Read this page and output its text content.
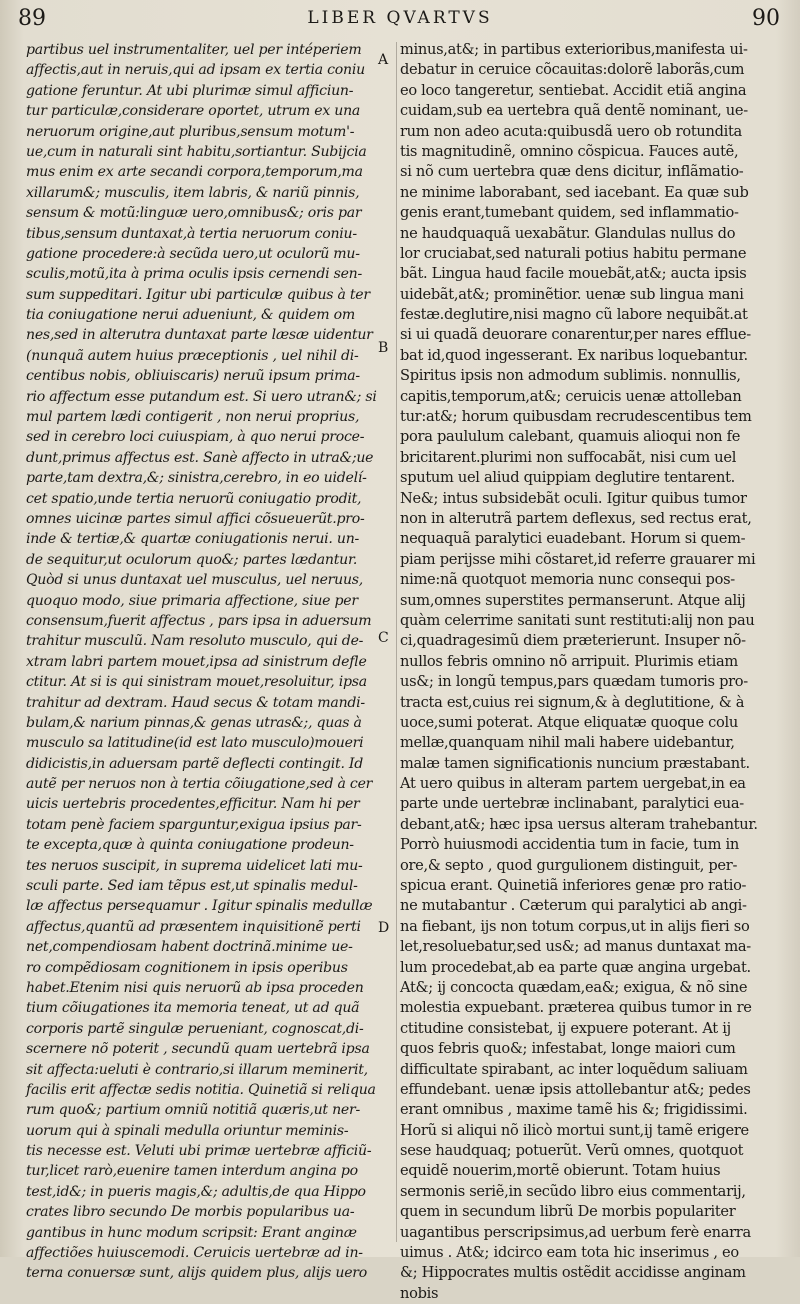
89	LIBER QVARTVS	90
partibus uel instrumentaliter, uel per intéperiem
affectis,aut in neruis,qui ad ipsam ex tertia coniu
gatione feruntur. At ubi plurimæ simul afficiun-
tur particulæ,considerare oportet, utrum ex una
neruorum origine,aut pluribus,sensum motum'-
ue,cum in naturali sint habitu,sortiantur. Subijcia
mus enim ex arte secandi corpora,temporum,ma
xillarum&; musculis, item labris, & nariũ pinnis,
sensum & motũ:linguæ uero,omnibus&; oris par
tibus,sensum duntaxat,à tertia neruorum coniu-
gatione procedere:à secũda uero,ut oculorũ mu-
sculis,motũ,ita à prima oculis ipsis cernendi sen-
sum suppeditari. Igitur ubi particulæ quibus à ter
tia coniugatione nerui adueniunt, & quidem om
nes,sed in alterutra duntaxat parte læsæ uidentur
(nunquã autem huius præceptionis , uel nihil di-
centibus nobis, obliuiscaris) neruũ ipsum prima-
rio affectum esse putandum est. Si uero utran&; si
mul partem lædi contigerit , non nerui proprius,
sed in cerebro loci cuiuspiam, à quo nerui proce-
dunt,primus affectus est. Sanè affecto in utra&;ue
parte,tam dextra,&; sinistra,cerebro, in eo uidelí-
cet spatio,unde tertia neruorũ coniugatio prodit,
omnes uicinæ partes simul affici cõsueuerũt.pro-
inde & tertiæ,& quartæ coniugationis nerui. un-
de sequitur,ut oculorum quo&; partes lædantur.
Quòd si unus duntaxat uel musculus, uel neruus,
quoquo modo, siue primaria affectione, siue per
consensum,fuerit affectus , pars ipsa in aduersum
trahitur musculũ. Nam resoluto musculo, qui de-
xtram labri partem mouet,ipsa ad sinistrum defle
ctitur. At si is qui sinistram mouet,resoluitur, ipsa
trahitur ad dextram. Haud secus & totam mandi-
bulam,& narium pinnas,& genas utras&;, quas à
musculo sa latitudine(id est lato musculo)moueri
didicistis,in aduersam partẽ deflecti contingit. Id
autẽ per neruos non à tertia cõiugatione,sed à cer
uicis uertebris procedentes,efficitur. Nam hi per
totam penè faciem sparguntur,exigua ipsius par-
te excepta,quæ à quinta coniugatione prodeun-
tes neruos suscipit, in suprema uidelicet lati mu-
sculi parte. Sed iam tẽpus est,ut spinalis medul-
læ affectus persequamur . Igitur spinalis medullæ
affectus,quantũ ad præsentem inquisitionẽ perti
net,compendiosam habent doctrinã.minime ue-
ro compẽdiosam cognitionem in ipsis operibus
habet.Etenim nisi quis neruorũ ab ipsa proceden
tium cõiugationes ita memoria teneat, ut ad quã
corporis partẽ singulæ perueniant, cognoscat,di-
scernere nõ poterit , secundũ quam uertebrã ipsa
sit affecta:ueluti è contrario,si illarum meminerit,
facilis erit affectæ sedis notitia. Quinetiã si reliqua
rum quo&; partium omniũ notitiã quæris,ut ner-
uorum qui à spinali medulla oriuntur meminis-
tis necesse est. Veluti ubi primæ uertebræ afficiũ-
tur,licet rarò,euenire tamen interdum angina po
test,id&; in pueris magis,&; adultis,de qua Hippo
crates libro secundo De morbis popularibus ua-
gantibus in hunc modum scripsit: Erant anginæ
affectiões huiuscemodi. Ceruicis uertebræ ad in-
terna conuersæ sunt, alijs quidem plus, alijs uero
A
B
C
D
minus,at&; in partibus exterioribus,manifesta ui-
debatur in ceruice cõcauitas:dolorẽ laborãs,cum
eo loco tangeretur, sentiebat. Accidit etiã angina
cuidam,sub ea uertebra quã dentẽ nominant, ue-
rum non adeo acuta:quibusdã uero ob rotundita
tis magnitudinẽ, omnino cõspicua. Fauces autẽ,
si nõ cum uertebra quæ dens dicitur, inflãmatio-
ne minime laborabant, sed iacebant. Ea quæ sub
genis erant,tumebant quidem, sed inflammatio-
ne haudquaquã uexabãtur. Glandulas nullus do
lor cruciabat,sed naturali potius habitu permane
bãt. Lingua haud facile mouebãt,at&; aucta ipsis
uidebãt,at&; prominẽtior. uenæ sub lingua mani
festæ.deglutire,nisi magno cũ labore nequibãt.at
si ui quadã deuorare conarentur,per nares efflue-
bat id,quod ingesserant. Ex naribus loquebantur.
Spiritus ipsis non admodum sublimis. nonnullis,
capitis,temporum,at&; ceruicis uenæ attolleban
tur:at&; horum quibusdam recrudescentibus tem
pora paululum calebant, quamuis alioqui non fe
bricitarent.plurimi non suffocabãt, nisi cum uel
sputum uel aliud quippiam deglutire tentarent.
Ne&; intus subsidebãt oculi. Igitur quibus tumor
non in alterutrã partem deflexus, sed rectus erat,
nequaquã paralytici euadebant. Horum si quem-
piam perijsse mihi cõstaret,id referre grauarer mi
nime:nã quotquot memoria nunc consequi pos-
sum,omnes superstites permanserunt. Atque alij
quàm celerrime sanitati sunt restituti:alij non pau
ci,quadragesimũ diem præterierunt. Insuper nõ-
nullos febris omnino nõ arripuit. Plurimis etiam
us&; in longũ tempus,pars quædam tumoris pro-
tracta est,cuius rei signum,& à deglutitione, & à
uoce,sumi poterat. Atque eliquatæ quoque colu
mellæ,quanquam nihil mali habere uidebantur,
malæ tamen significationis nuncium præstabant.
At uero quibus in alteram partem uergebat,in ea
parte unde uertebræ inclinabant, paralytici eua-
debant,at&; hæc ipsa uersus alteram trahebantur.
Porrò huiusmodi accidentia tum in facie, tum in
ore,& septo , quod gurgulionem distinguit, per-
spicua erant. Quinetiã inferiores genæ pro ratio-
ne mutabantur . Cæterum qui paralytici ab angi-
na fiebant, ijs non totum corpus,ut in alijs fieri so
let,resoluebatur,sed us&; ad manus duntaxat ma-
lum procedebat,ab ea parte quæ angina urgebat.
At&; ij concocta quædam,ea&; exigua, & nõ sine
molestia expuebant. præterea quibus tumor in re
ctitudine consistebat, ij expuere poterant. At ij
quos febris quo&; infestabat, longe maiori cum
difficultate spirabant, ac inter loquẽdum saliuam
effundebant. uenæ ipsis attollebantur at&; pedes
erant omnibus , maxime tamẽ his &; frigidissimi.
Horũ si aliqui nõ ilicò mortui sunt,ij tamẽ erigere
sese haudquaq; potuerũt. Verũ omnes, quotquot
equidẽ nouerim,mortẽ obierunt. Totam huius
sermonis seriẽ,in secũdo libro eius commentarij,
quem in secundum librũ De morbis populariter
uagantibus perscripsimus,ad uerbum ferè enarra
uimus . At&; idcirco eam tota hic inserimus , eo
&; Hippocrates multis ostẽdit accidisse anginam
nobis
